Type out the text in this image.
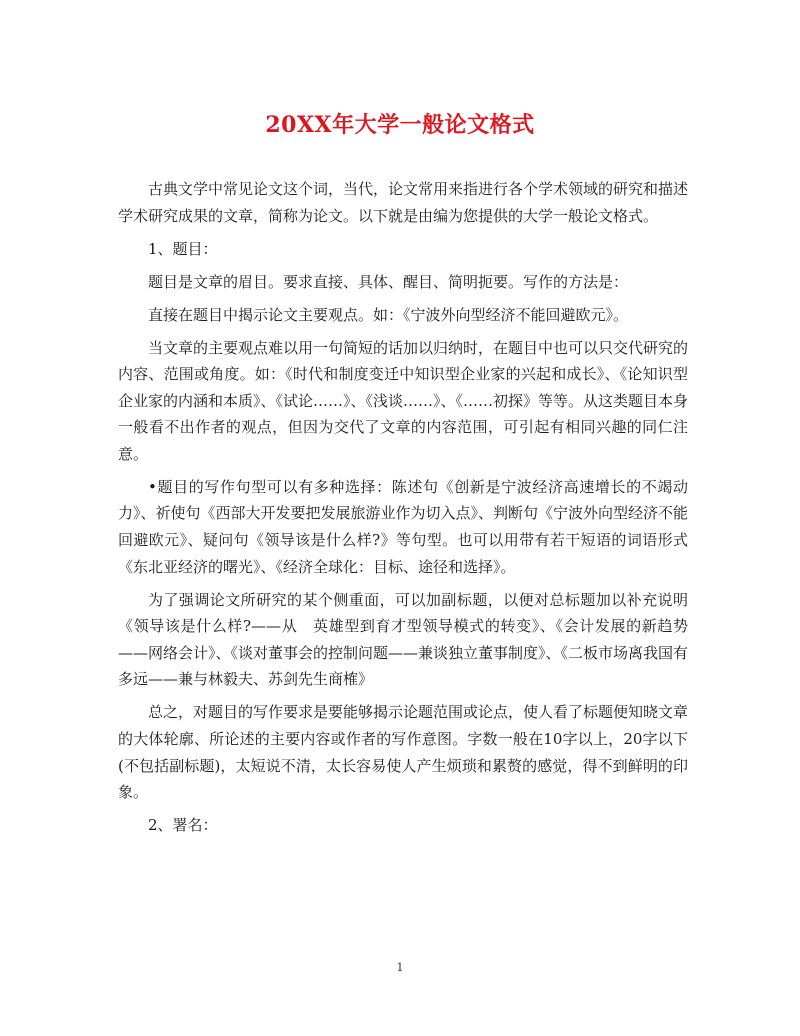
20XX年大学一般论文格式

古典文学中常见论文这个词，当代，论文常用来指进行各个学术领域的研究和描述学术研究成果的文章，简称为论文。以下就是由编为您提供的大学一般论文格式。

1、题目：

题目是文章的眉目。要求直接、具体、醒目、简明扼要。写作的方法是：

直接在题目中揭示论文主要观点。如：《宁波外向型经济不能回避欧元》。

当文章的主要观点难以用一句简短的话加以归纳时，在题目中也可以只交代研究的内容、范围或角度。如：《时代和制度变迁中知识型企业家的兴起和成长》、《论知识型企业家的内涵和本质》、《试论……》、《浅谈……》、《……初探》等等。从这类题目本身一般看不出作者的观点，但因为交代了文章的内容范围，可引起有相同兴趣的同仁注意。

•题目的写作句型可以有多种选择：陈述句《创新是宁波经济高速增长的不竭动力》、祈使句《西部大开发要把发展旅游业作为切入点》、判断句《宁波外向型经济不能回避欧元》、疑问句《领导该是什么样?》等句型。也可以用带有若干短语的词语形式《东北亚经济的曙光》、《经济全球化：目标、途径和选择》。

为了强调论文所研究的某个侧重面，可以加副标题，以便对总标题加以补充说明《领导该是什么样?——从　英雄型到育才型领导模式的转变》、《会计发展的新趋势——网络会计》、《谈对董事会的控制问题——兼谈独立董事制度》、《二板市场离我国有多远——兼与林毅夫、苏剑先生商榷》

总之，对题目的写作要求是要能够揭示论题范围或论点，使人看了标题便知晓文章的大体轮廓、所论述的主要内容或作者的写作意图。字数一般在10字以上，20字以下(不包括副标题)，太短说不清，太长容易使人产生烦琐和累赘的感觉，得不到鲜明的印象。

2、署名：

1
